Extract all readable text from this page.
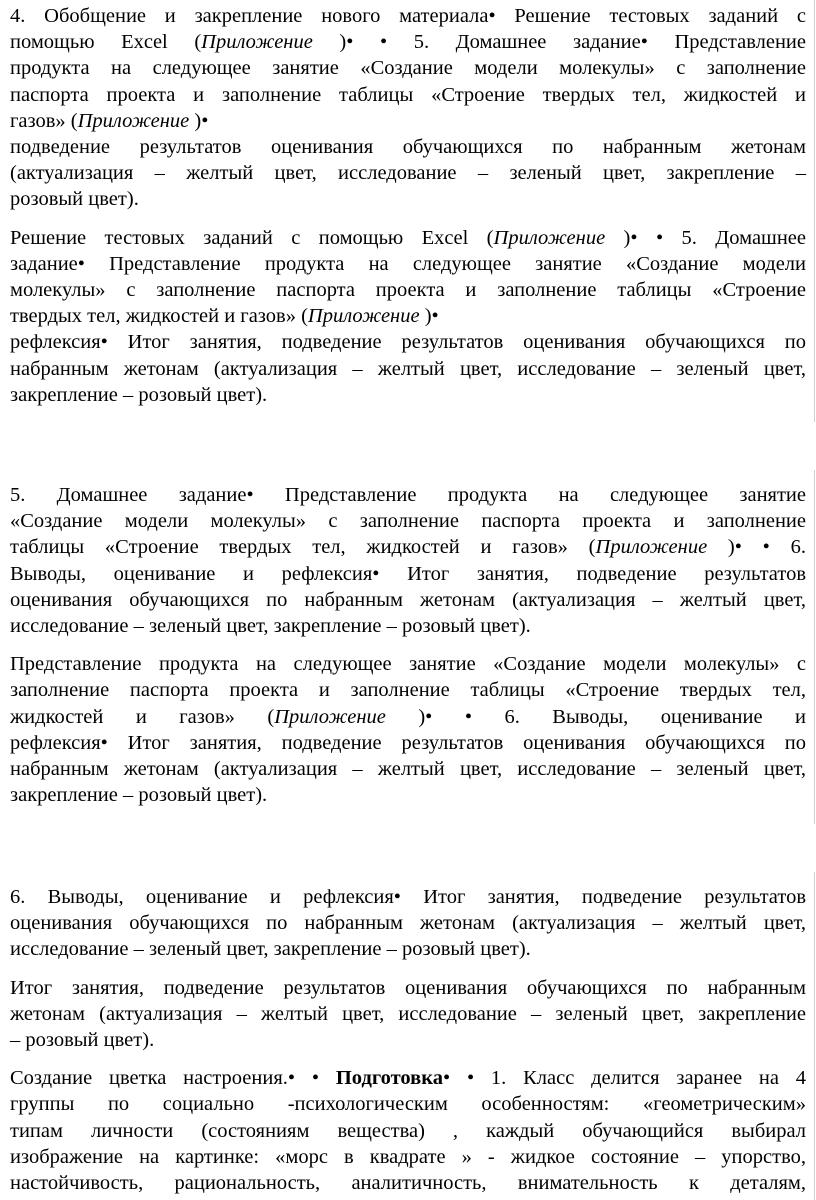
4. Обобщение и закрепление нового материала• Решение тестовых заданий с
помощью Excel (Приложение )• • 5. Домашнее задание• Представление
продукта на следующее занятие «Создание модели молекулы» с заполнение
паспорта проекта и заполнение таблицы «Строение твердых тел, жидкостей и
газов» (Приложение )•
подведение результатов оценивания обучающихся по набранным жетонам
(актуализация – желтый цвет, исследование – зеленый цвет, закрепление –
розовый цвет).
Решение тестовых заданий с помощью Excel (Приложение )• • 5. Домашнее
задание• Представление продукта на следующее занятие «Создание модели
молекулы» с заполнение паспорта проекта и заполнение таблицы «Строение
твердых тел, жидкостей и газов» (Приложение )•
рефлексия• Итог занятия, подведение результатов оценивания обучающихся по
набранным жетонам (актуализация – желтый цвет, исследование – зеленый цвет,
закрепление – розовый цвет).
5. Домашнее задание• Представление продукта на следующее занятие
«Создание модели молекулы» с заполнение паспорта проекта и заполнение
таблицы «Строение твердых тел, жидкостей и газов» (Приложение )• • 6.
Выводы, оценивание и рефлексия• Итог занятия, подведение результатов
оценивания обучающихся по набранным жетонам (актуализация – желтый цвет,
исследование – зеленый цвет, закрепление – розовый цвет).
Представление продукта на следующее занятие «Создание модели молекулы» с
заполнение паспорта проекта и заполнение таблицы «Строение твердых тел,
жидкостей и газов» (Приложение )• • 6. Выводы, оценивание и
рефлексия• Итог занятия, подведение результатов оценивания обучающихся по
набранным жетонам (актуализация – желтый цвет, исследование – зеленый цвет,
закрепление – розовый цвет).
6. Выводы, оценивание и рефлексия• Итог занятия, подведение результатов
оценивания обучающихся по набранным жетонам (актуализация – желтый цвет,
исследование – зеленый цвет, закрепление – розовый цвет).
Итог занятия, подведение результатов оценивания обучающихся по набранным
жетонам (актуализация – желтый цвет, исследование – зеленый цвет, закрепление
– розовый цвет).
Создание цветка настроения.• • Подготовка• • 1. Класс делится заранее на 4
группы по социально -психологическим особенностям: «геометрическим»
типам личности (состояниям вещества) , каждый обучающийся выбирал
изображение на картинке: «морс в квадрате » - жидкое состояние – упорство,
настойчивость, рациональность, аналитичность, внимательность к деталям,
